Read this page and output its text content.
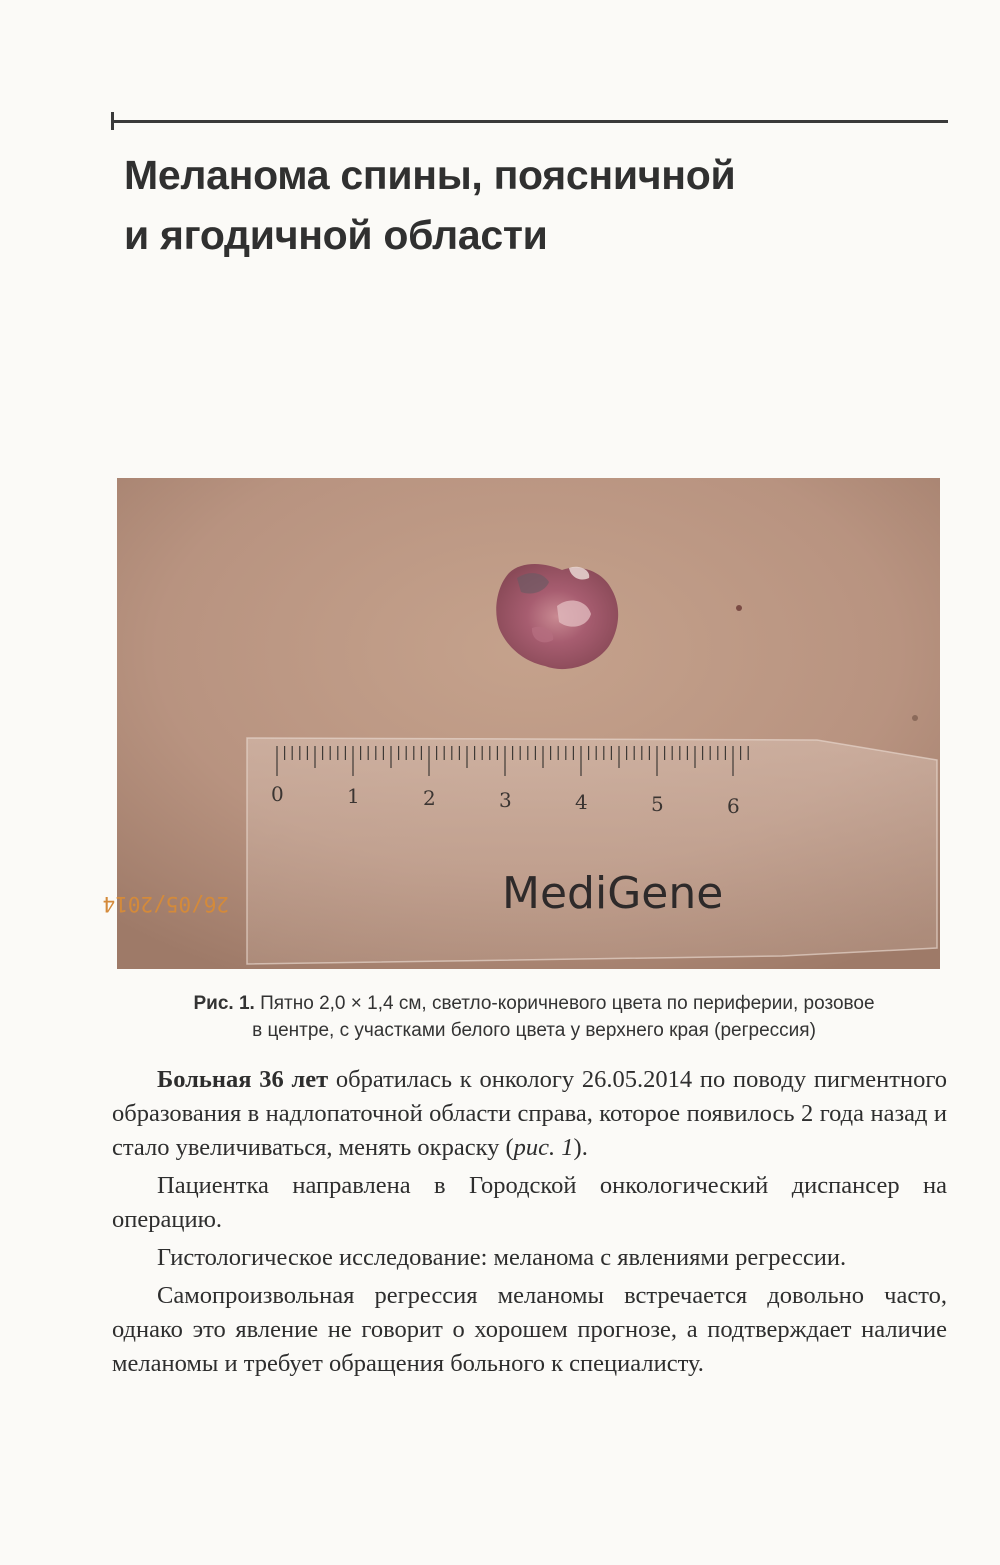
Меланома спины, поясничной
и ягодичной области
0	1	2	3	4	5	6
MediGene
26/05/2014
Рис. 1. Пятно 2,0 × 1,4 см, светло-коричневого цвета по периферии, розовое
в центре, с участками белого цвета у верхнего края (регрессия)

Больная 36 лет обратилась к онкологу 26.05.2014 по поводу пигментного образования в надлопаточной области справа, которое появилось 2 года назад и стало увеличиваться, менять окраску (рис. 1).

Пациентка направлена в Городской онкологический диспансер на операцию.

Гистологическое исследование: меланома с явлениями регрессии.

Самопроизвольная регрессия меланомы встречается довольно часто, однако это явление не говорит о хорошем прогнозе, а подтверждает наличие меланомы и требует обращения больного к специалисту.
